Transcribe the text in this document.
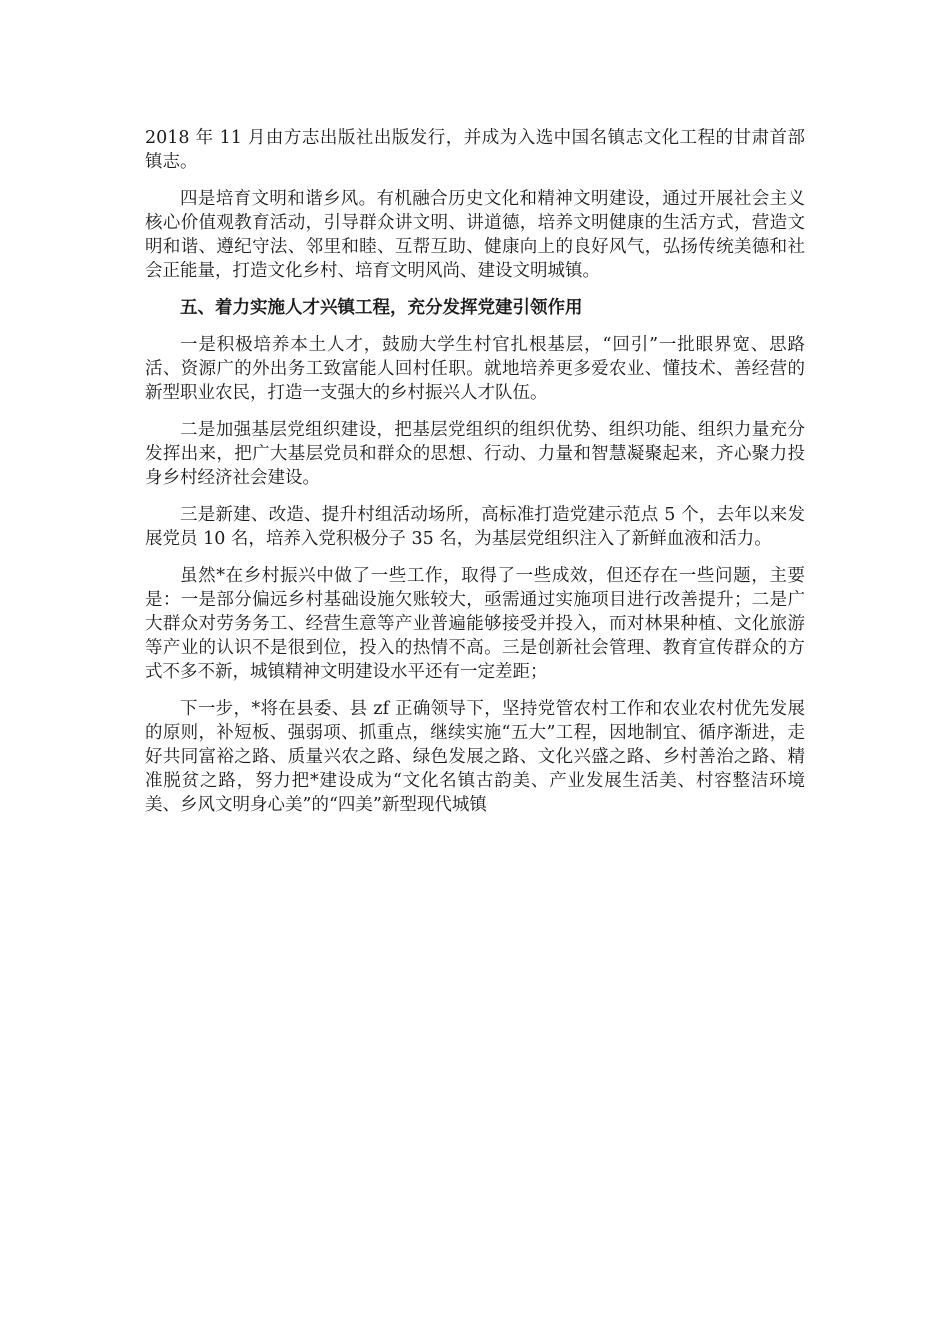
2018 年 11 月由方志出版社出版发行，并成为入选中国名镇志文化工程的甘肃首部镇志。

四是培育文明和谐乡风。有机融合历史文化和精神文明建设，通过开展社会主义核心价值观教育活动，引导群众讲文明、讲道德，培养文明健康的生活方式，营造文明和谐、遵纪守法、邻里和睦、互帮互助、健康向上的良好风气，弘扬传统美德和社会正能量，打造文化乡村、培育文明风尚、建设文明城镇。

五、着力实施人才兴镇工程，充分发挥党建引领作用

一是积极培养本土人才，鼓励大学生村官扎根基层，“回引”一批眼界宽、思路活、资源广的外出务工致富能人回村任职。就地培养更多爱农业、懂技术、善经营的新型职业农民，打造一支强大的乡村振兴人才队伍。

二是加强基层党组织建设，把基层党组织的组织优势、组织功能、组织力量充分发挥出来，把广大基层党员和群众的思想、行动、力量和智慧凝聚起来，齐心聚力投身乡村经济社会建设。

三是新建、改造、提升村组活动场所，高标准打造党建示范点 5 个，去年以来发展党员 10 名，培养入党积极分子 35 名，为基层党组织注入了新鲜血液和活力。

虽然*在乡村振兴中做了一些工作，取得了一些成效，但还存在一些问题，主要是：一是部分偏远乡村基础设施欠账较大，亟需通过实施项目进行改善提升；二是广大群众对劳务务工、经营生意等产业普遍能够接受并投入，而对林果种植、文化旅游等产业的认识不是很到位，投入的热情不高。三是创新社会管理、教育宣传群众的方式不多不新，城镇精神文明建设水平还有一定差距；

下一步，*将在县委、县 zf 正确领导下，坚持党管农村工作和农业农村优先发展的原则，补短板、强弱项、抓重点，继续实施“五大”工程，因地制宜、循序渐进，走好共同富裕之路、质量兴农之路、绿色发展之路、文化兴盛之路、乡村善治之路、精准脱贫之路，努力把*建设成为“文化名镇古韵美、产业发展生活美、村容整洁环境美、乡风文明身心美”的“四美”新型现代城镇
